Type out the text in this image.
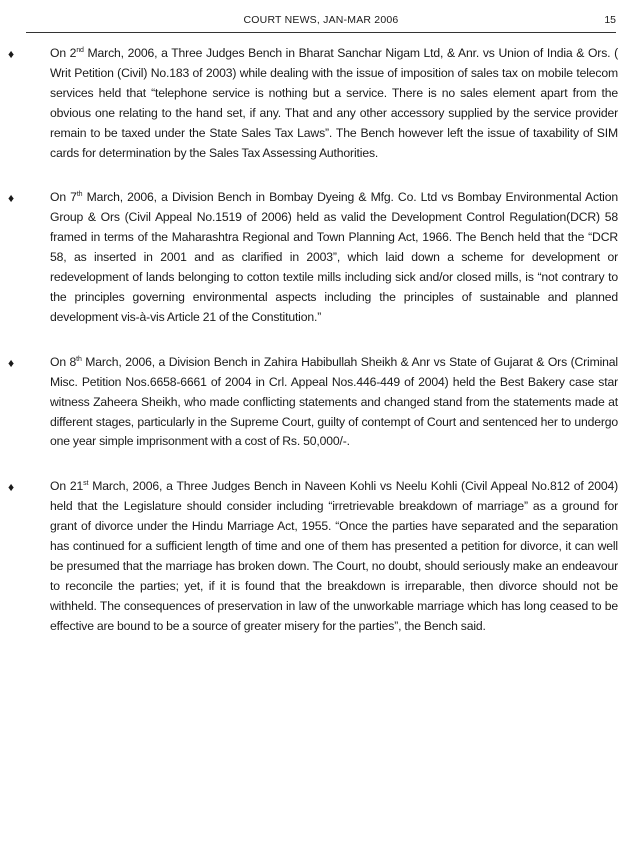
COURT NEWS, JAN-MAR 2006	15
♦	On 2nd March, 2006, a Three Judges Bench in Bharat Sanchar Nigam Ltd, & Anr. vs Union of India & Ors. ( Writ Petition (Civil) No.183 of 2003) while dealing with the issue of imposition of sales tax on mobile telecom services held that “telephone service is nothing but a service. There is no sales element apart from the obvious one relating to the hand set, if any. That and any other accessory supplied by the service provider remain to be taxed under the State Sales Tax Laws”. The Bench however left the issue of taxability of SIM cards for determination by the Sales Tax Assessing Authorities.

♦	On 7th March, 2006, a Division Bench in Bombay Dyeing & Mfg. Co. Ltd vs Bombay Environmental Action Group & Ors (Civil Appeal No.1519 of 2006) held as valid the Development Control Regulation(DCR) 58 framed in terms of the Maharashtra Regional and Town Planning Act, 1966. The Bench held that the “DCR 58, as inserted in 2001 and as clarified in 2003”, which laid down a scheme for development or redevelopment of lands belonging to cotton textile mills including sick and/or closed mills, is “not contrary to the principles governing environmental aspects including the principles of sustainable and planned development vis-à-vis Article 21 of the Constitution.”

♦	On 8th March, 2006, a Division Bench in Zahira Habibullah Sheikh & Anr vs State of Gujarat & Ors (Criminal Misc. Petition Nos.6658-6661 of 2004 in Crl. Appeal Nos.446-449 of 2004) held the Best Bakery case star witness Zaheera Sheikh, who made conflicting statements and changed stand from the statements made at different stages, particularly in the Supreme Court, guilty of contempt of Court and sentenced her to undergo one year simple imprisonment with a cost of Rs. 50,000/-.

♦	On 21st March, 2006, a Three Judges Bench in Naveen Kohli vs Neelu Kohli (Civil Appeal No.812 of 2004) held that the Legislature should consider including “irretrievable breakdown of marriage” as a ground for grant of divorce under the Hindu Marriage Act, 1955. “Once the parties have separated and the separation has continued for a sufficient length of time and one of them has presented a petition for divorce, it can well be presumed that the marriage has broken down. The Court, no doubt, should seriously make an endeavour to reconcile the parties; yet, if it is found that the breakdown is irreparable, then divorce should not be withheld. The consequences of preservation in law of the unworkable marriage which has long ceased to be effective are bound to be a source of greater misery for the parties”, the Bench said.
